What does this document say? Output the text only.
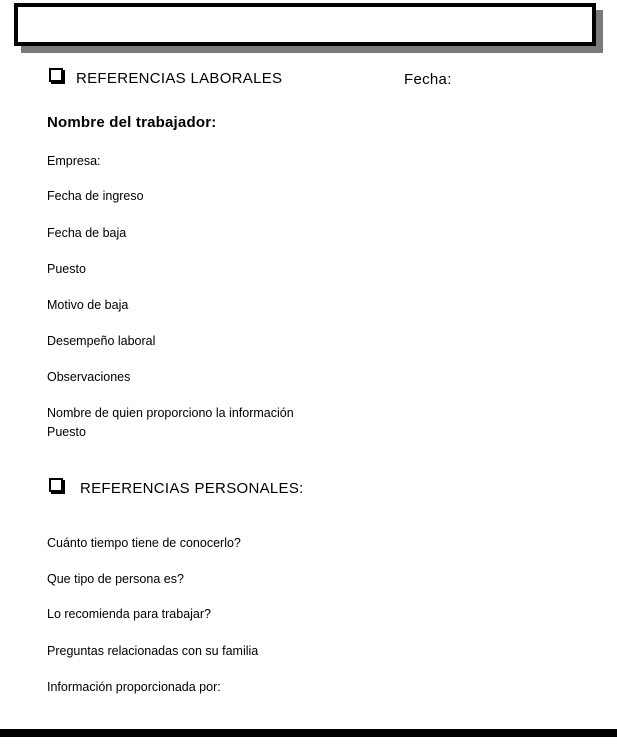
REFERENCIAS LABORALES	Fecha:
Nombre del trabajador:
Empresa:
Fecha de ingreso
Fecha de baja
Puesto
Motivo de baja
Desempeño laboral
Observaciones
Nombre de quien proporciono la información
Puesto
REFERENCIAS PERSONALES:
Cuánto tiempo tiene de conocerlo?
Que tipo de persona es?
Lo recomienda para trabajar?
Preguntas relacionadas con su familia
Información proporcionada por:
